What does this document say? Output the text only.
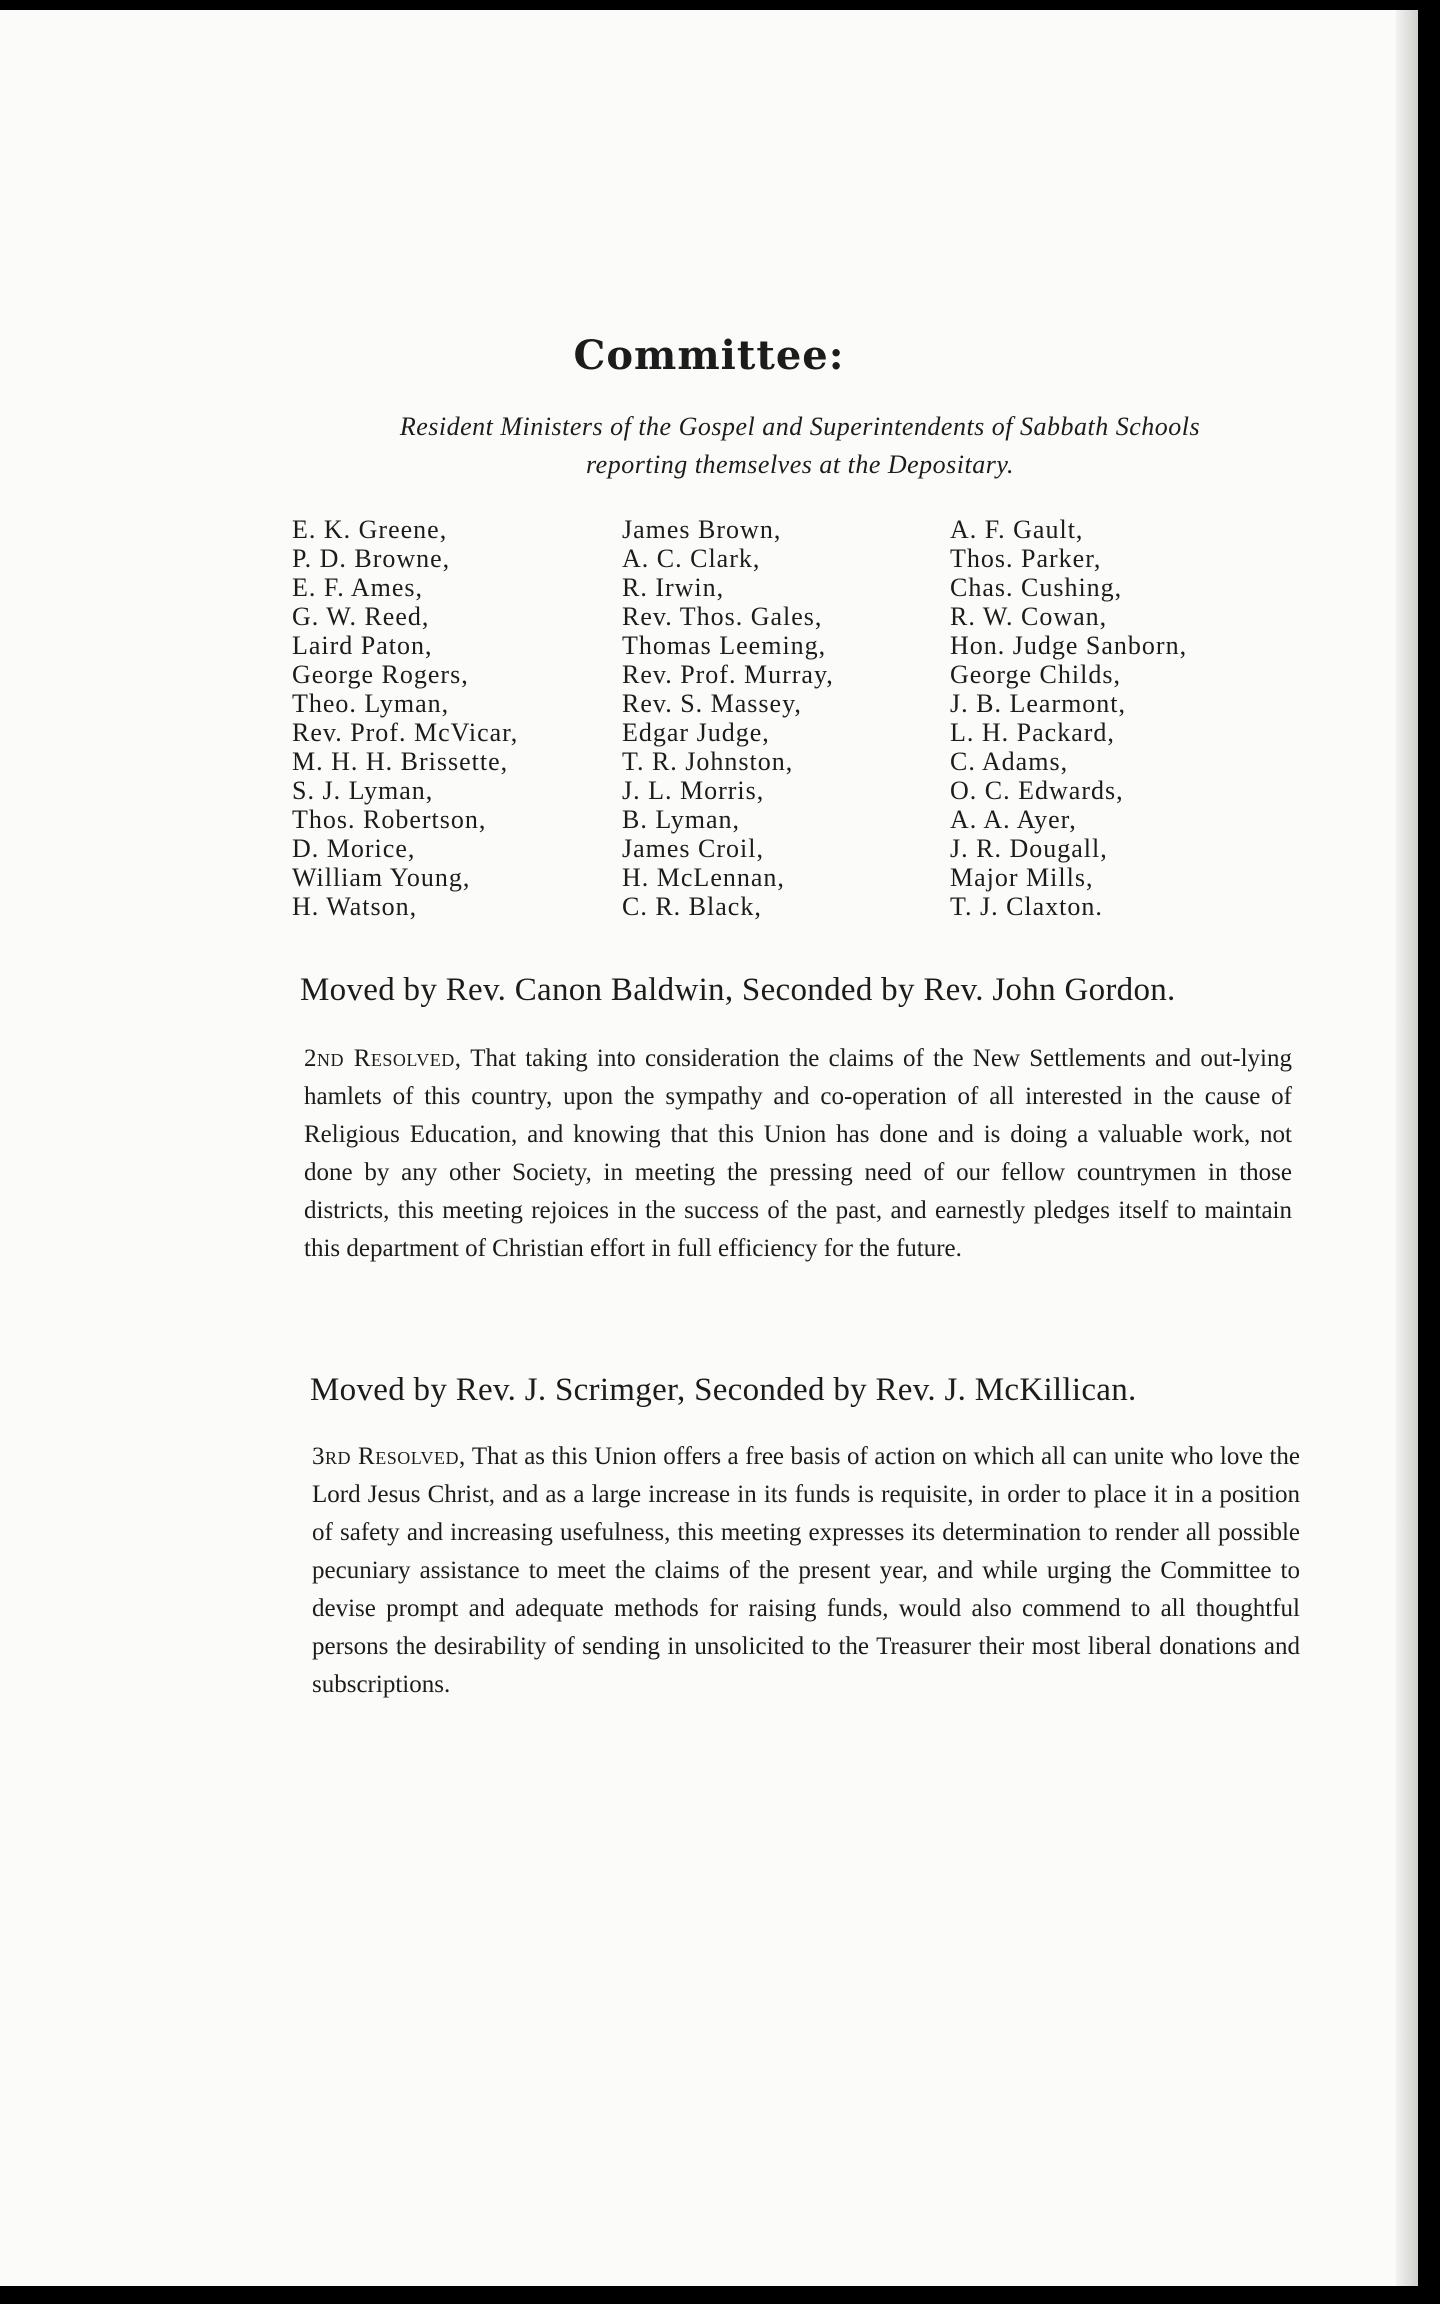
Committee:
Resident Ministers of the Gospel and Superintendents of Sabbath Schools
reporting themselves at the Depositary.
E. K. Greene,
P. D. Browne,
E. F. Ames,
G. W. Reed,
Laird Paton,
George Rogers,
Theo. Lyman,
Rev. Prof. McVicar,
M. H. H. Brissette,
S. J. Lyman,
Thos. Robertson,
D. Morice,
William Young,
H. Watson,
James Brown,
A. C. Clark,
R. Irwin,
Rev. Thos. Gales,
Thomas Leeming,
Rev. Prof. Murray,
Rev. S. Massey,
Edgar Judge,
T. R. Johnston,
J. L. Morris,
B. Lyman,
James Croil,
H. McLennan,
C. R. Black,
A. F. Gault,
Thos. Parker,
Chas. Cushing,
R. W. Cowan,
Hon. Judge Sanborn,
George Childs,
J. B. Learmont,
L. H. Packard,
C. Adams,
O. C. Edwards,
A. A. Ayer,
J. R. Dougall,
Major Mills,
T. J. Claxton.
Moved by Rev. Canon Baldwin, Seconded by Rev. John Gordon.

2nd Resolved, That taking into consideration the claims of the New Settlements and out-lying hamlets of this country, upon the sympathy and co-operation of all interested in the cause of Religious Education, and knowing that this Union has done and is doing a valuable work, not done by any other Society, in meeting the pressing need of our fellow countrymen in those districts, this meeting rejoices in the success of the past, and earnestly pledges itself to maintain this department of Christian effort in full efficiency for the future.

Moved by Rev. J. Scrimger, Seconded by Rev. J. McKillican.

3rd Resolved, That as this Union offers a free basis of action on which all can unite who love the Lord Jesus Christ, and as a large increase in its funds is requisite, in order to place it in a position of safety and increasing usefulness, this meeting expresses its determination to render all possible pecuniary assistance to meet the claims of the present year, and while urging the Committee to devise prompt and adequate methods for raising funds, would also commend to all thoughtful persons the desirability of sending in unsolicited to the Treasurer their most liberal donations and subscriptions.
